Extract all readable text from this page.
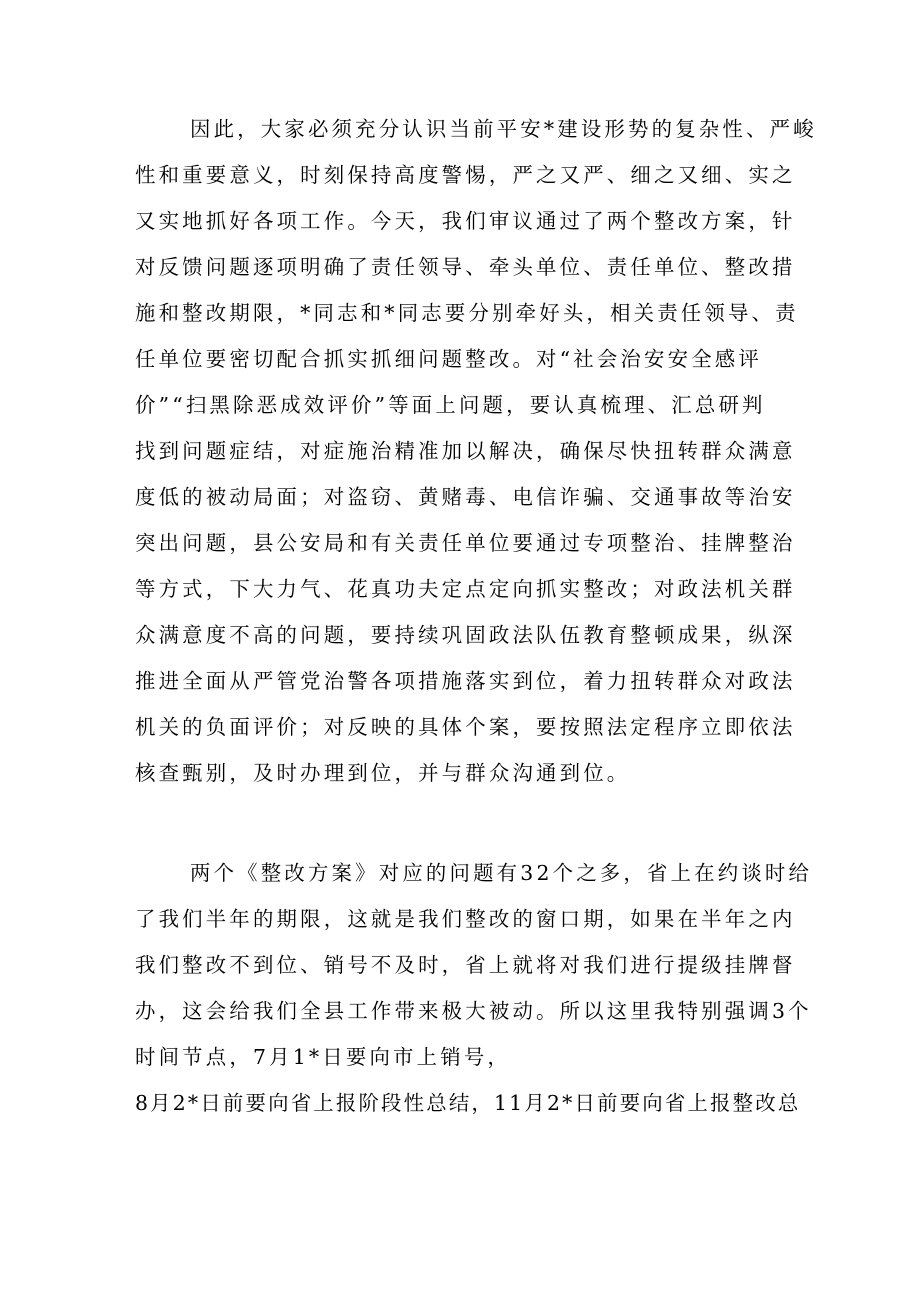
因此，大家必须充分认识当前平安*建设形势的复杂性、严峻
性和重要意义，时刻保持高度警惕，严之又严、细之又细、实之
又实地抓好各项工作。今天，我们审议通过了两个整改方案，针
对反馈问题逐项明确了责任领导、牵头单位、责任单位、整改措
施和整改期限，*同志和*同志要分别牵好头，相关责任领导、责
任单位要密切配合抓实抓细问题整改。对“社会治安安全感评
价”“扫黑除恶成效评价”等面上问题，要认真梳理、汇总研判
找到问题症结，对症施治精准加以解决，确保尽快扭转群众满意
度低的被动局面；对盗窃、黄赌毒、电信诈骗、交通事故等治安
突出问题，县公安局和有关责任单位要通过专项整治、挂牌整治
等方式，下大力气、花真功夫定点定向抓实整改；对政法机关群
众满意度不高的问题，要持续巩固政法队伍教育整顿成果，纵深
推进全面从严管党治警各项措施落实到位，着力扭转群众对政法
机关的负面评价；对反映的具体个案，要按照法定程序立即依法
核查甄别，及时办理到位，并与群众沟通到位。
两个《整改方案》对应的问题有32个之多，省上在约谈时给
了我们半年的期限，这就是我们整改的窗口期，如果在半年之内
我们整改不到位、销号不及时，省上就将对我们进行提级挂牌督
办，这会给我们全县工作带来极大被动。所以这里我特别强调3个
时间节点，7月1*日要向市上销号，
8月2*日前要向省上报阶段性总结，11月2*日前要向省上报整改总
